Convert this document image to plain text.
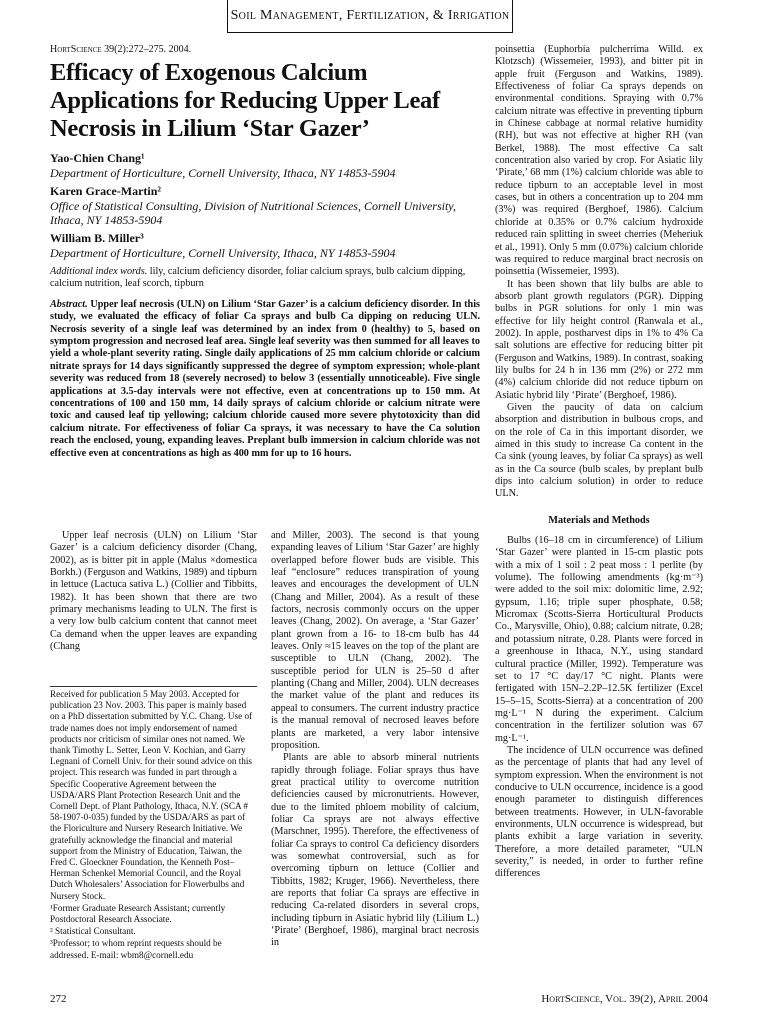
Soil Management, Fertilization, & Irrigation
HortScience 39(2):272–275. 2004.
Efficacy of Exogenous Calcium Applications for Reducing Upper Leaf Necrosis in Lilium ‘Star Gazer’
Yao-Chien Chang¹
Department of Horticulture, Cornell University, Ithaca, NY 14853-5904
Karen Grace-Martin²
Office of Statistical Consulting, Division of Nutritional Sciences, Cornell University, Ithaca, NY 14853-5904
William B. Miller³
Department of Horticulture, Cornell University, Ithaca, NY 14853-5904
Additional index words. lily, calcium deficiency disorder, foliar calcium sprays, bulb calcium dipping, calcium nutrition, leaf scorch, tipburn
Abstract. Upper leaf necrosis (ULN) on Lilium ‘Star Gazer’ is a calcium deficiency disorder. In this study, we evaluated the efficacy of foliar Ca sprays and bulb Ca dipping on reducing ULN. Necrosis severity of a single leaf was determined by an index from 0 (healthy) to 5, based on symptom progression and necrosed leaf area. Single leaf severity was then summed for all leaves to yield a whole-plant severity rating. Single daily applications of 25 mm calcium chloride or calcium nitrate sprays for 14 days significantly suppressed the degree of symptom expression; whole-plant severity was reduced from 18 (severely necrosed) to below 3 (essentially unnoticeable). Five single applications at 3.5-day intervals were not effective, even at concentrations up to 150 mm. At concentrations of 100 and 150 mm, 14 daily sprays of calcium chloride or calcium nitrate were toxic and caused leaf tip yellowing; calcium chloride caused more severe phytotoxicity than did calcium nitrate. For effectiveness of foliar Ca sprays, it was necessary to have the Ca solution reach the enclosed, young, expanding leaves. Preplant bulb immersion in calcium chloride was not effective even at concentrations as high as 400 mm for up to 16 hours.

Upper leaf necrosis (ULN) on Lilium ‘Star Gazer’ is a calcium deficiency disorder (Chang, 2002), as is bitter pit in apple (Malus ×domestica Borkh.) (Ferguson and Watkins, 1989) and tipburn in lettuce (Lactuca sativa L.) (Collier and Tibbitts, 1982). It has been shown that there are two primary mechanisms leading to ULN. The first is a very low bulb calcium content that cannot meet Ca demand when the upper leaves are expanding (Chang

Received for publication 5 May 2003. Accepted for publication 23 Nov. 2003. This paper is mainly based on a PhD dissertation submitted by Y.C. Chang. Use of trade names does not imply endorsement of named products nor criticism of similar ones not named. We thank Timothy L. Setter, Leon V. Kochian, and Garry Legnani of Cornell Univ. for their sound advice on this project. This research was funded in part through a Specific Cooperative Agreement between the USDA/ARS Plant Protection Research Unit and the Cornell Dept. of Plant Pathology, Ithaca, N.Y. (SCA # 58-1907-0-035) funded by the USDA/ARS as part of the Floriculture and Nursery Research Initiative. We gratefully acknowledge the financial and material support from the Ministry of Education, Taiwan, the Fred C. Gloeckner Foundation, the Kenneth Post–Herman Schenkel Memorial Council, and the Royal Dutch Wholesalers’ Association for Flowerbulbs and Nursery Stock.

¹Former Graduate Research Assistant; currently Postdoctoral Research Associate.

² Statistical Consultant.

³Professor; to whom reprint requests should be addressed. E-mail: wbm8@cornell.edu

and Miller, 2003). The second is that young expanding leaves of Lilium ‘Star Gazer’ are highly overlapped before flower buds are visible. This leaf “enclosure” reduces transpiration of young leaves and encourages the development of ULN (Chang and Miller, 2004). As a result of these factors, necrosis commonly occurs on the upper leaves (Chang, 2002). On average, a ‘Star Gazer’ plant grown from a 16- to 18-cm bulb has 44 leaves. Only ≈15 leaves on the top of the plant are susceptible to ULN (Chang, 2002). The susceptible period for ULN is 25–50 d after planting (Chang and Miller, 2004). ULN decreases the market value of the plant and reduces its appeal to consumers. The current industry practice is the manual removal of necrosed leaves before plants are marketed, a very labor intensive proposition.

Plants are able to absorb mineral nutrients rapidly through foliage. Foliar sprays thus have great practical utility to overcome nutrition deficiencies caused by micronutrients. However, due to the limited phloem mobility of calcium, foliar Ca sprays are not always effective (Marschner, 1995). Therefore, the effectiveness of foliar Ca sprays to control Ca deficiency disorders was somewhat controversial, such as for overcoming tipburn on lettuce (Collier and Tibbitts, 1982; Kruger, 1966). Nevertheless, there are reports that foliar Ca sprays are effective in reducing Ca-related disorders in several crops, including tipburn in Asiatic hybrid lily (Lilium L.) ‘Pirate’ (Berghoef, 1986), marginal bract necrosis in

poinsettia (Euphorbia pulcherrima Willd. ex Klotzsch) (Wissemeier, 1993), and bitter pit in apple fruit (Ferguson and Watkins, 1989). Effectiveness of foliar Ca sprays depends on environmental conditions. Spraying with 0.7% calcium nitrate was effective in preventing tipburn in Chinese cabbage at normal relative humidity (RH), but was not effective at higher RH (van Berkel, 1988). The most effective Ca salt concentration also varied by crop. For Asiatic lily ‘Pirate,’ 68 mm (1%) calcium chloride was able to reduce tipburn to an acceptable level in most cases, but in others a concentration up to 204 mm (3%) was required (Berghoef, 1986). Calcium chloride at 0.35% or 0.7% calcium hydroxide reduced rain splitting in sweet cherries (Meheriuk et al., 1991). Only 5 mm (0.07%) calcium chloride was required to reduce marginal bract necrosis on poinsettia (Wissemeier, 1993).

It has been shown that lily bulbs are able to absorb plant growth regulators (PGR). Dipping bulbs in PGR solutions for only 1 min was effective for lily height control (Ranwala et al., 2002). In apple, postharvest dips in 1% to 4% Ca salt solutions are effective for reducing bitter pit (Ferguson and Watkins, 1989). In contrast, soaking lily bulbs for 24 h in 136 mm (2%) or 272 mm (4%) calcium chloride did not reduce tipburn on Asiatic hybrid lily ‘Pirate’ (Berghoef, 1986).

Given the paucity of data on calcium absorption and distribution in bulbous crops, and on the role of Ca in this important disorder, we aimed in this study to increase Ca content in the Ca sink (young leaves, by foliar Ca sprays) as well as in the Ca source (bulb scales, by preplant bulb dips into calcium solution) in order to reduce ULN.

Materials and Methods

Bulbs (16–18 cm in circumference) of Lilium ‘Star Gazer’ were planted in 15-cm plastic pots with a mix of 1 soil : 2 peat moss : 1 perlite (by volume). The following amendments (kg·m⁻³) were added to the soil mix: dolomitic lime, 2.92; gypsum, 1.16; triple super phosphate, 0.58; Micromax (Scotts-Sierra Horticultural Products Co., Marysville, Ohio), 0.88; calcium nitrate, 0.28; and potassium nitrate, 0.28. Plants were forced in a greenhouse in Ithaca, N.Y., using standard cultural practice (Miller, 1992). Temperature was set to 17 °C day/17 °C night. Plants were fertigated with 15N–2.2P–12.5K fertilizer (Excel 15–5–15, Scotts-Sierra) at a concentration of 200 mg·L⁻¹ N during the experiment. Calcium concentration in the fertilizer solution was 67 mg·L⁻¹.

The incidence of ULN occurrence was defined as the percentage of plants that had any level of symptom expression. When the environment is not conducive to ULN occurrence, incidence is a good enough parameter to distinguish differences between treatments. However, in ULN-favorable environments, ULN occurrence is widespread, but plants exhibit a large variation in severity. Therefore, a more detailed parameter, “ULN severity,” is needed, in order to further refine differences

272	HortScience, Vol. 39(2), April 2004
